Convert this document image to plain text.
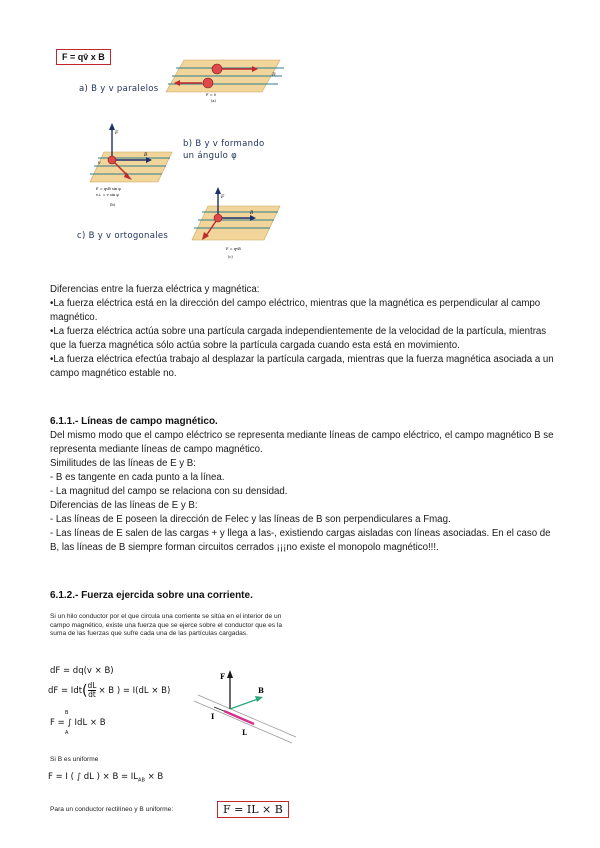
F = qv̄ x B
a) B y v paralelos
b) B y v formando
un ángulo φ
c) B y v ortogonales
B
F = 0
(a)
F
B
v
F = qvB sin φ
v⊥ = v sin φ
(b)
F
B
F = qvB
(c)

Diferencias entre la fuerza eléctrica y magnética:

•La fuerza eléctrica está en la dirección del campo eléctrico, mientras que la magnética es perpendicular al campo magnético.

•La fuerza eléctrica actúa sobre una partícula cargada independientemente de la velocidad de la partícula, mientras que la fuerza magnética sólo actúa sobre la partícula cargada cuando esta está en movimiento.

•La fuerza eléctrica efectúa trabajo al desplazar la partícula cargada, mientras que la fuerza magnética asociada a un campo magnético estable no.

6.1.1.- Líneas de campo magnético.

Del mismo modo que el campo eléctrico se representa mediante líneas de campo eléctrico, el campo magnético B se representa mediante líneas de campo magnético.

Similitudes de las líneas de E y B:

- B es tangente en cada punto a la línea.

- La magnitud del campo se relaciona con su densidad.

Diferencias de las líneas de E y B:

- Las líneas de E poseen la dirección de Felec y las líneas de B son perpendiculares a Fmag.

- Las líneas de E salen de las cargas + y llega a las-, existiendo cargas aisladas con líneas asociadas. En el caso de B, las líneas de B siempre forman circuitos cerrados ¡¡¡no existe el monopolo magnético!!!.

6.1.2.- Fuerza ejercida sobre una corriente.
Si un hilo conductor por el que circula una corriente se sitúa en el interior de un campo magnético, existe una fuerza que se ejerce sobre el conductor que es la suma de las fuerzas que sufre cada una de las partículas cargadas.
dF = dq(v × B)
dF = Idt ( $\frac{dL}{dt} \times B$ ) = I(dL × B)
B
F = ∫ IdL × B
A
Si B es uniforme
F = I ( ∫ dL ) × $B = IL_{AB} \times B$
Para un conductor rectilíneo y B uniforme:	F = IL × B
F
B
I
L
